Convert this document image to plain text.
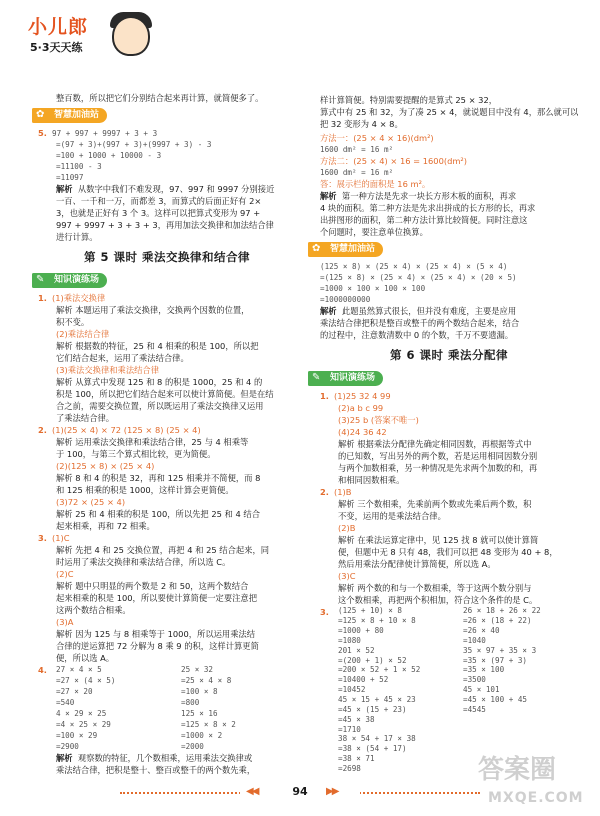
小儿郎
5·3天天练
整百数，所以把它们分别结合起来再计算，就简便多了。
✿	智慧加油站
5. 97 + 997 + 9997 + 3 + 3
=(97 + 3)+(997 + 3)+(9997 + 3) - 3
=100 + 1000 + 10000 - 3
=11100 - 3
=11097
解析 从数字中我们不难发现，97、997 和 9997 分别接近
一百、一千和一万，而都差 3，而算式的后面正好有 2×
3，也就是正好有 3 个 3。这样可以把算式变形为 97 +
997 + 9997 + 3 + 3 + 3，再用加法交换律和加法结合律
进行计算。
第 5 课时 乘法交换律和结合律
✎	知识演练场
1. (1)乘法交换律
解析 本题运用了乘法交换律，交换两个因数的位置，
积不变。
(2)乘法结合律
解析 根据数的特征，25 和 4 相乘的积是 100，所以把
它们结合起来，运用了乘法结合律。
(3)乘法交换律和乘法结合律
解析 从算式中发现 125 和 8 的积是 1000，25 和 4 的
积是 100，所以把它们结合起来可以使计算简便。但是在结
合之前，需要交换位置，所以既运用了乘法交换律又运用
了乘法结合律。
2. (1)(25 × 4) × 72 (125 × 8) (25 × 4)
解析 运用乘法交换律和乘法结合律，25 与 4 相乘等
于 100，与第三个算式相比较，更为简便。
(2)(125 × 8) × (25 × 4)
解析 8 和 4 的积是 32，再和 125 相乘并不简便，而 8
和 125 相乘的积是 1000，这样计算会更简便。
(3)72 × (25 × 4)
解析 25 和 4 相乘的积是 100，所以先把 25 和 4 结合
起来相乘，再和 72 相乘。
3. (1)C
解析 先把 4 和 25 交换位置，再把 4 和 25 结合起来，同
时运用了乘法交换律和乘法结合律，所以选 C。
(2)C
解析 题中只明显的两个数是 2 和 50，这两个数结合
起来相乘的积是 100，所以要使计算简便一定要注意把
这两个数结合相乘。
(3)A
解析 因为 125 与 8 相乘等于 1000，所以运用乘法结
合律的逆运算把 72 分解为 8 乘 9 的积，这样计算更简
便，所以选 A。
4.	27 × 4 × 5	25 × 32
=27 × (4 × 5)	=25 × 4 × 8
=27 × 20	=100 × 8
=540	=800
4 × 29 × 25	125 × 16
=4 × 25 × 29	=125 × 8 × 2
=100 × 29	=1000 × 2
=2900	=2000
解析 观察数的特征，几个数相乘，运用乘法交换律或
乘法结合律，把积是整十、整百或整千的两个数先乘，
样计算简便。特别需要提醒的是算式 25 × 32，
算式中有 25 和 32，为了凑 25 × 4，就说题目中没有 4，那么就可以
把 32 变形为 4 × 8。
方法一：(25 × 4 × 16)(dm²)
1600 dm² = 16 m²
方法二：(25 × 4) × 16 = 1600(dm²)
1600 dm² = 16 m²
答：展示栏的面积是 16 m²。
解析 第一种方法是先求一块长方形木板的面积，再求
4 块的面积。第二种方法是先求出拼成的长方形的长，再求
出拼图形的面积，第二种方法计算比较简便。同时注意这
个问题时，要注意单位换算。
✿	智慧加油站
(125 × 8) × (25 × 4) × (25 × 4) × (5 × 4)
=(125 × 8) × (25 × 4) × (25 × 4) × (20 × 5)
=1000 × 100 × 100 × 100
=1000000000
解析 此题虽然算式很长，但并没有难度，主要是应用
乘法结合律把积是整百或整千的两个数结合起来，结合
的过程中，注意数清数中 0 的个数，千万不要遗漏。
第 6 课时 乘法分配律
✎	知识演练场
1. (1)25 32 4 99
(2)a b c 99
(3)25 b (答案不唯一)
(4)24 36 42
解析 根据乘法分配律先确定相同因数，再根据等式中
的已知数，写出另外的两个数，若是运用相同因数分别
与两个加数相乘，另一种情况是先求两个加数的和，再
和相同因数相乘。
2. (1)B
解析 三个数相乘，先乘前两个数或先乘后两个数，积
不变，运用的是乘法结合律。
(2)B
解析 在乘法运算定律中，见 125 找 8 就可以使计算简
便，但题中无 8 只有 48，我们可以把 48 变形为 40 + 8，
然后用乘法分配律使计算简便，所以选 A。
(3)C
解析 两个数的和与一个数相乘，等于这两个数分别与
这个数相乘，再把两个积相加，符合这个条件的是 C。
3.	(125 + 10) × 8	26 × 18 + 26 × 22
=125 × 8 + 10 × 8	=26 × (18 + 22)
=1000 + 80	=26 × 40
=1080	=1040
201 × 52	35 × 97 + 35 × 3
=(200 + 1) × 52	=35 × (97 + 3)
=200 × 52 + 1 × 52	=35 × 100
=10400 + 52	=3500
=10452	45 × 101
45 × 15 + 45 × 23	=45 × 100 + 45
=45 × (15 + 23)	=4545
=45 × 38
=1710
38 × 54 + 17 × 38
=38 × (54 + 17)
=38 × 71
=2698
◀◀	94	▶▶
答案圈
MXQE.COM
